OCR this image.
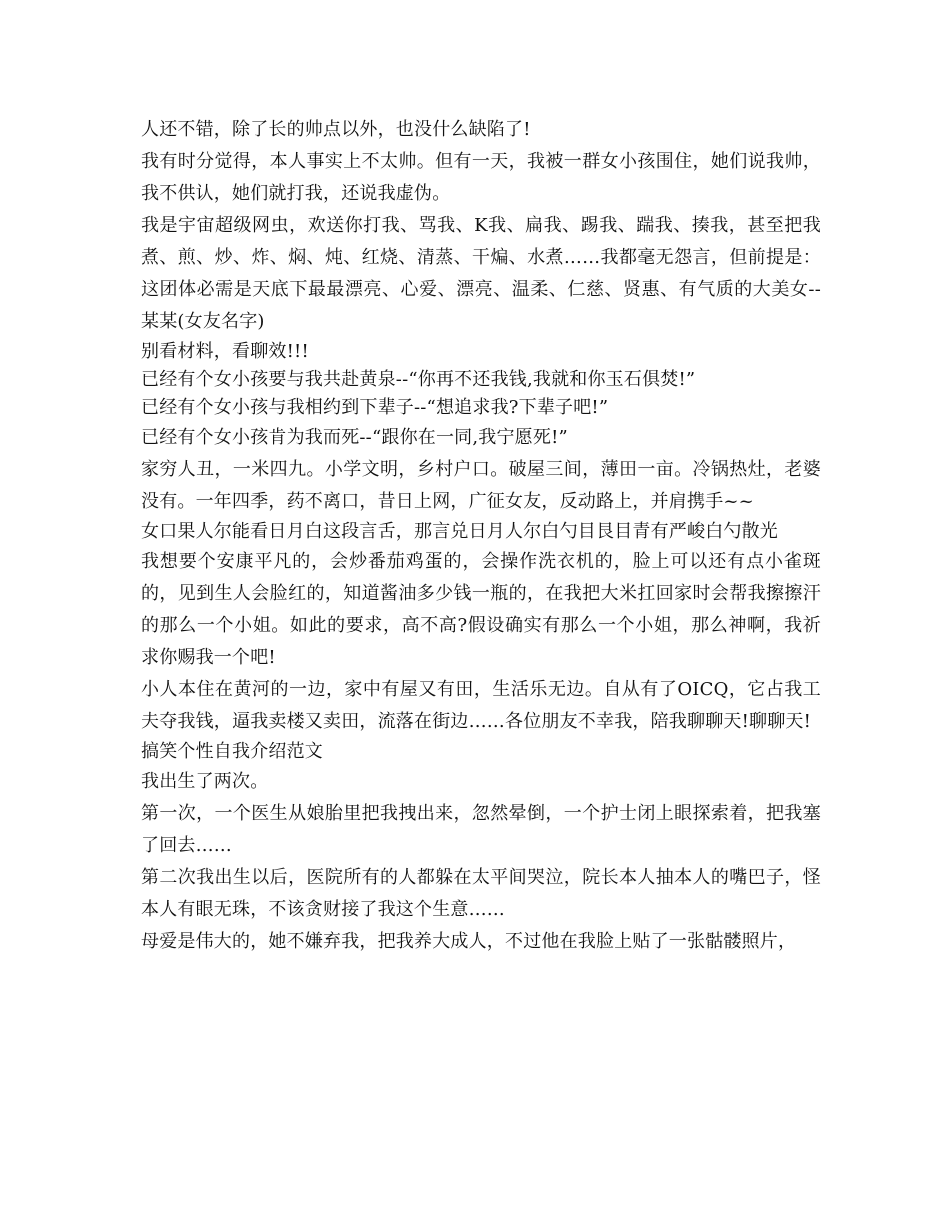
人还不错，除了长的帅点以外，也没什么缺陷了!

我有时分觉得，本人事实上不太帅。但有一天，我被一群女小孩围住，她们说我帅，我不供认，她们就打我，还说我虚伪。

我是宇宙超级网虫，欢送你打我、骂我、K我、扁我、踢我、踹我、揍我，甚至把我煮、煎、炒、炸、焖、炖、红烧、清蒸、干煸、水煮……我都毫无怨言，但前提是：这团体必需是天底下最最漂亮、心爱、漂亮、温柔、仁慈、贤惠、有气质的大美女--某某(女友名字)

别看材料，看聊效!!!

已经有个女小孩要与我共赴黄泉--“你再不还我钱,我就和你玉石俱焚!”

已经有个女小孩与我相约到下辈子--“想追求我?下辈子吧!”

已经有个女小孩肯为我而死--“跟你在一同,我宁愿死!”

家穷人丑，一米四九。小学文明，乡村户口。破屋三间，薄田一亩。冷锅热灶，老婆没有。一年四季，药不离口，昔日上网，广征女友，反动路上，并肩携手~~

女口果人尔能看日月白这段言舌，那言兑日月人尔白勺目艮目青有严峻白勺散光

我想要个安康平凡的，会炒番茄鸡蛋的，会操作洗衣机的，脸上可以还有点小雀斑的，见到生人会脸红的，知道酱油多少钱一瓶的，在我把大米扛回家时会帮我擦擦汗的那么一个小姐。如此的要求，高不高?假设确实有那么一个小姐，那么神啊，我祈求你赐我一个吧!

小人本住在黄河的一边，家中有屋又有田，生活乐无边。自从有了OICQ，它占我工夫夺我钱，逼我卖楼又卖田，流落在街边……各位朋友不幸我，陪我聊聊天!聊聊天!

搞笑个性自我介绍范文

我出生了两次。

第一次，一个医生从娘胎里把我拽出来，忽然晕倒，一个护士闭上眼探索着，把我塞了回去……

第二次我出生以后，医院所有的人都躲在太平间哭泣，院长本人抽本人的嘴巴子，怪本人有眼无珠，不该贪财接了我这个生意……

母爱是伟大的，她不嫌弃我，把我养大成人，不过他在我脸上贴了一张骷髅照片，
